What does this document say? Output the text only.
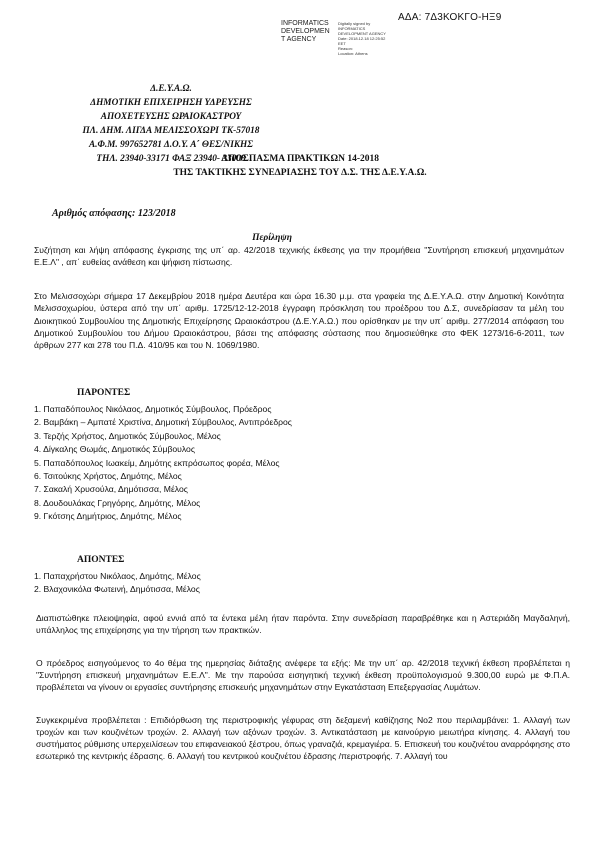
ΑΔΑ: 7Δ3ΚΟΚΓΟ-ΗΞ9
INFORMATICS
DEVELOPMEN
T AGENCY
Digitally signed by
INFORMATICS
DEVELOPMENT AGENCY
Date: 2018.12.18 12:25:52
EET
Reason:
Location: Athens
Δ.Ε.Υ.Α.Ω.
ΔΗΜΟΤΙΚΗ ΕΠΙΧΕΙΡΗΣΗ ΥΔΡΕΥΣΗΣ
ΑΠΟΧΕΤΕΥΣΗΣ ΩΡΑΙΟΚΑΣΤΡΟΥ
ΠΛ. ΔΗΜ. ΛΙΓΔΑ ΜΕΛΙΣΣΟΧΩΡΙ ΤΚ-57018
Α.Φ.Μ. 997652781 Δ.Ο.Υ. Α΄ ΘΕΣ/ΝΙΚΗΣ
ΤΗΛ. 23940-33171 ΦΑΞ 23940- 33008
ΑΠΟΣΠΑΣΜΑ ΠΡΑΚΤΙΚΩΝ 14-2018
ΤΗΣ ΤΑΚΤΙΚΗΣ ΣΥΝΕΔΡΙΑΣΗΣ ΤΟΥ Δ.Σ. ΤΗΣ Δ.Ε.Υ.Α.Ω.
Αριθμός απόφασης: 123/2018
Περίληψη
Συζήτηση και λήψη απόφασης έγκρισης της υπ΄ αρ. 42/2018 τεχνικής έκθεσης για την προμήθεια "Συντήρηση επισκευή μηχανημάτων Ε.Ε.Λ" , απ΄ ευθείας ανάθεση και ψήφιση πίστωσης.
Στο Μελισσοχώρι σήμερα 17 Δεκεμβρίου 2018 ημέρα Δευτέρα και ώρα 16.30 μ.μ. στα γραφεία της Δ.Ε.Υ.Α.Ω. στην Δημοτική Κοινότητα Μελισσοχωρίου, ύστερα από την υπ΄ αριθμ. 1725/12-12-2018 έγγραφη πρόσκληση του προέδρου του Δ.Σ, συνεδρίασαν τα μέλη του Διοικητικού Συμβουλίου της Δημοτικής Επιχείρησης Ωραιοκάστρου (Δ.Ε.Υ.Α.Ω.) που ορίσθηκαν με την υπ΄ αριθμ. 277/2014 απόφαση του Δημοτικού Συμβουλίου του Δήμου Ωραιοκάστρου, βάσει της απόφασης σύστασης που δημοσιεύθηκε στο ΦΕΚ 1273/16-6-2011, των άρθρων 277 και 278 του Π.Δ. 410/95 και του Ν. 1069/1980.
ΠΑΡΟΝΤΕΣ
1. Παπαδόπουλος Νικόλαος, Δημοτικός Σύμβουλος, Πρόεδρος
2. Βαμβάκη – Αμπατέ Χριστίνα, Δημοτική Σύμβουλος, Αντιπρόεδρος
3. Τερζής Χρήστος, Δημοτικός Σύμβουλος, Μέλος
4. Δίγκαλης Θωμάς, Δημοτικός Σύμβουλος
5. Παπαδόπουλος Ιωακείμ, Δημότης εκπρόσωπος φορέα, Μέλος
6. Τσιτούκης Χρήστος, Δημότης, Μέλος
7. Σακαλή Χρυσούλα, Δημότισσα, Μέλος
8. Δουδουλάκας Γρηγόρης, Δημότης, Μέλος
9. Γκότσης Δημήτριος, Δημότης, Μέλος
ΑΠΟΝΤΕΣ
1. Παπαχρήστου Νικόλαος, Δημότης, Μέλος
2. Βλαχονικόλα Φωτεινή, Δημότισσα, Μέλος
Διαπιστώθηκε πλειοψηφία, αφού εννιά από τα έντεκα μέλη ήταν παρόντα. Στην συνεδρίαση παραβρέθηκε και η Αστεριάδη Μαγδαληνή, υπάλληλος της επιχείρησης για την τήρηση των πρακτικών.
Ο πρόεδρος εισηγούμενος το 4ο θέμα της ημερησίας διάταξης ανέφερε τα εξής: Με την υπ΄ αρ. 42/2018 τεχνική έκθεση προβλέπεται η "Συντήρηση επισκευή μηχανημάτων Ε.Ε.Λ". Με την παρούσα εισηγητική τεχνική έκθεση προϋπολογισμού 9.300,00 ευρώ με Φ.Π.Α. προβλέπεται να γίνουν οι εργασίες συντήρησης επισκευής μηχανημάτων στην Εγκατάσταση Επεξεργασίας Λυμάτων.
Συγκεκριμένα προβλέπεται : Επιδιόρθωση της περιστροφικής γέφυρας στη δεξαμενή καθίζησης Νο2 που περιλαμβάνει: 1. Αλλαγή των τροχών και των κουζινέτων τροχών. 2. Αλλαγή των αξόνων τροχών. 3. Αντικατάσταση με καινούργιο μειωτήρα κίνησης. 4. Αλλαγή του συστήματος ρύθμισης υπερχειλίσεων του επιφανειακού ξέστρου, όπως γραναζιά, κρεμαγιέρα. 5. Επισκευή του κουζινέτου αναρρόφησης στο εσωτερικό της κεντρικής έδρασης. 6. Αλλαγή του κεντρικού κουζινέτου έδρασης /περιστροφής. 7. Αλλαγή του
